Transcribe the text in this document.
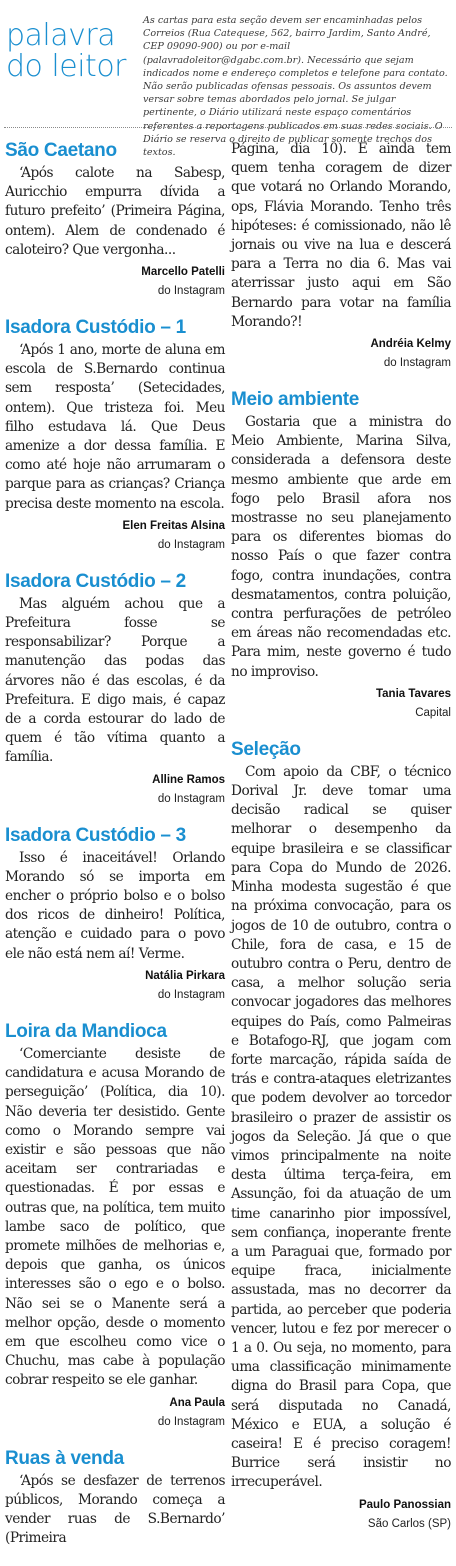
palavra
do leitor
As cartas para esta seção devem ser encaminhadas pelos Correios (Rua Catequese, 562, bairro Jardim, Santo André, CEP 09090-900) ou por e-mail (palavradoleitor@dgabc.com.br). Necessário que sejam indicados nome e endereço completos e telefone para contato. Não serão publicadas ofensas pessoais. Os assuntos devem versar sobre temas abordados pelo jornal. Se julgar pertinente, o Diário utilizará neste espaço comentários referentes a reportagens publicados em suas redes sociais. O Diário se reserva o direito de publicar somente trechos dos textos.
São Caetano

‘Após calote na Sabesp, Auricchio empurra dívida a futuro prefeito’ (Primeira Página, ontem). Alem de condenado é caloteiro? Que vergonha...

Marcello Patelli
do Instagram
Isadora Custódio – 1

‘Após 1 ano, morte de aluna em escola de S.Bernardo continua sem resposta’ (Setecidades, ontem). Que tristeza foi. Meu filho estudava lá. Que Deus amenize a dor dessa família. E como até hoje não arrumaram o parque para as crianças? Criança precisa deste momento na escola.

Elen Freitas Alsina
do Instagram
Isadora Custódio – 2

Mas alguém achou que a Prefeitura fosse se responsabilizar? Porque a manutenção das podas das árvores não é das escolas, é da Prefeitura. E digo mais, é capaz de a corda estourar do lado de quem é tão vítima quanto a família.

Alline Ramos
do Instagram
Isadora Custódio – 3

Isso é inaceitável! Orlando Morando só se importa em encher o próprio bolso e o bolso dos ricos de dinheiro! Política, atenção e cuidado para o povo ele não está nem aí! Verme.

Natália Pirkara
do Instagram
Loira da Mandioca

‘Comerciante desiste de candidatura e acusa Morando de perseguição’ (Política, dia 10). Não deveria ter desistido. Gente como o Morando sempre vai existir e são pessoas que não aceitam ser contrariadas e questionadas. É por essas e outras que, na política, tem muito lambe saco de político, que promete milhões de melhorias e, depois que ganha, os únicos interesses são o ego e o bolso. Não sei se o Manente será a melhor opção, desde o momento em que escolheu como vice o Chuchu, mas cabe à população cobrar respeito se ele ganhar.

Ana Paula
do Instagram
Ruas à venda

‘Após se desfazer de terrenos públicos, Morando começa a vender ruas de S.Bernardo’ (Primeira

Página, dia 10). E ainda tem quem tenha coragem de dizer que votará no Orlando Morando, ops, Flávia Morando. Tenho três hipóteses: é comissionado, não lê jornais ou vive na lua e descerá para a Terra no dia 6. Mas vai aterrissar justo aqui em São Bernardo para votar na família Morando?!

Andréia Kelmy
do Instagram
Meio ambiente

Gostaria que a ministra do Meio Ambiente, Marina Silva, considerada a defensora deste mesmo ambiente que arde em fogo pelo Brasil afora nos mostrasse no seu planejamento para os diferentes biomas do nosso País o que fazer contra fogo, contra inundações, contra desmatamentos, contra poluição, contra perfurações de petróleo em áreas não recomendadas etc. Para mim, neste governo é tudo no improviso.

Tania Tavares
Capital
Seleção

Com apoio da CBF, o técnico Dorival Jr. deve tomar uma decisão radical se quiser melhorar o desempenho da equipe brasileira e se classificar para Copa do Mundo de 2026. Minha modesta sugestão é que na próxima convocação, para os jogos de 10 de outubro, contra o Chile, fora de casa, e 15 de outubro contra o Peru, dentro de casa, a melhor solução seria convocar jogadores das melhores equipes do País, como Palmeiras e Botafogo-RJ, que jogam com forte marcação, rápida saída de trás e contra-ataques eletrizantes que podem devolver ao torcedor brasileiro o prazer de assistir os jogos da Seleção. Já que o que vimos principalmente na noite desta última terça-feira, em Assunção, foi da atuação de um time canarinho pior impossível, sem confiança, inoperante frente a um Paraguai que, formado por equipe fraca, inicialmente assustada, mas no decorrer da partida, ao perceber que poderia vencer, lutou e fez por merecer o 1 a 0. Ou seja, no momento, para uma classificação minimamente digna do Brasil para Copa, que será disputada no Canadá, México e EUA, a solução é caseira! E é preciso coragem! Burrice será insistir no irrecuperável.

Paulo Panossian
São Carlos (SP)
